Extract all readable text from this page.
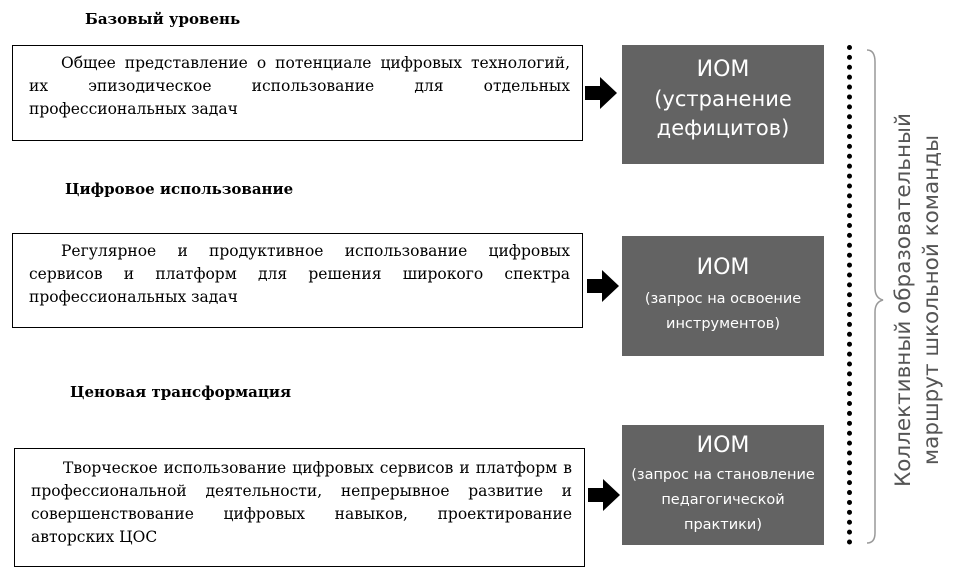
Базовый уровень

Общее представление о потенциале цифровых технологий, их эпизодическое использование для отдельных профессиональных задач

ИОМ
(устранение дефицитов)
Цифровое использование

Регулярное и продуктивное использование цифровых сервисов и платформ для решения широкого спектра профессиональных задач

ИОМ
(запрос на освоение инструментов)
Ценовая трансформация

Творческое использование цифровых сервисов и платформ в профессиональной деятельности, непрерывное развитие и совершенствование цифровых навыков, проектирование авторских ЦОС

ИОМ
(запрос на становление педагогической практики)
Коллективный образовательный маршрут школьной команды
